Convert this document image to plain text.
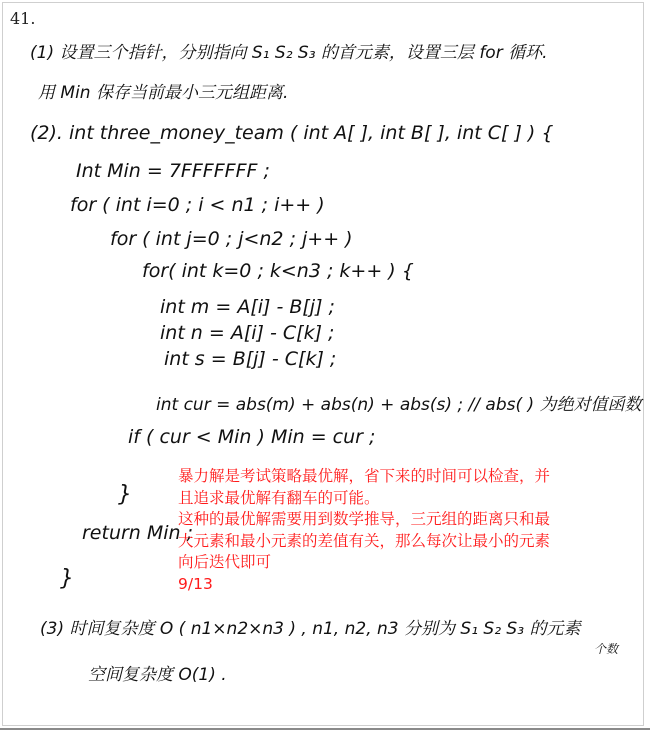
41.
(1) 设置三个指针，分别指向 S₁ S₂ S₃ 的首元素，设置三层 for 循环.
用 Min 保存当前最小三元组距离.
(2). int three_money_team ( int A[ ], int B[ ], int C[ ] ) {
Int Min = 7FFFFFFF ;
for ( int i=0 ; i < n1 ; i++ )
for ( int j=0 ; j<n2 ; j++ )
for( int k=0 ; k<n3 ; k++ ) {
int m = A[i] - B[j] ;
int n = A[i] - C[k] ;
int s = B[j] - C[k] ;
int cur = abs(m) + abs(n) + abs(s) ; // abs( ) 为绝对值函数
if ( cur < Min ) Min = cur ;
}
return Min ;
}
(3) 时间复杂度 O ( n1×n2×n3 ) , n1, n2, n3 分别为 S₁ S₂ S₃ 的元素
个数
空间复杂度 O(1) .
暴力解是考试策略最优解，省下来的时间可以检查，并
且追求最优解有翻车的可能。
这种的最优解需要用到数学推导，三元组的距离只和最
大元素和最小元素的差值有关，那么每次让最小的元素
向后迭代即可
9/13
